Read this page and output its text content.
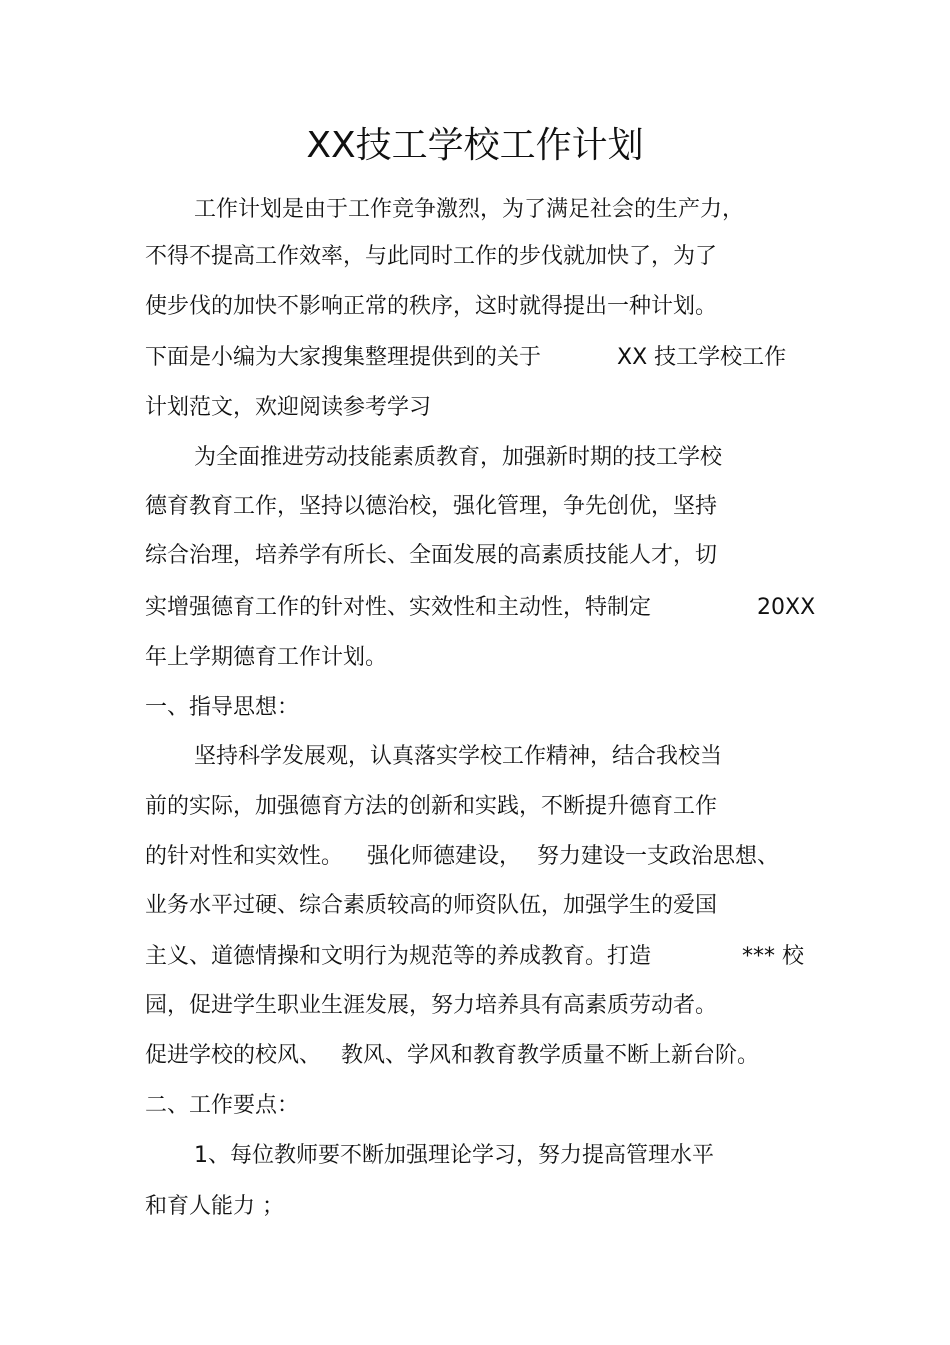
XX技工学校工作计划
工作计划是由于工作竞争激烈，为了满足社会的生产力，
不得不提高工作效率，与此同时工作的步伐就加快了，为了
使步伐的加快不影响正常的秩序，这时就得提出一种计划。
下面是小编为大家搜集整理提供到的关于	XX 技工学校工作
计划范文，欢迎阅读参考学习
为全面推进劳动技能素质教育，加强新时期的技工学校
德育教育工作，坚持以德治校，强化管理，争先创优，坚持
综合治理，培养学有所长、全面发展的高素质技能人才，切
实增强德育工作的针对性、实效性和主动性，特制定	20XX
年上学期德育工作计划。
一、指导思想：
坚持科学发展观，认真落实学校工作精神，结合我校当
前的实际，加强德育方法的创新和实践，不断提升德育工作
的针对性和实效性。 强化师德建设， 努力建设一支政治思想、
业务水平过硬、综合素质较高的师资队伍，加强学生的爱国
主义、道德情操和文明行为规范等的养成教育。打造	*** 校
园，促进学生职业生涯发展，努力培养具有高素质劳动者。
促进学校的校风、 教风、学风和教育教学质量不断上新台阶。
二、工作要点：
1、每位教师要不断加强理论学习，努力提高管理水平
和育人能力 ；
